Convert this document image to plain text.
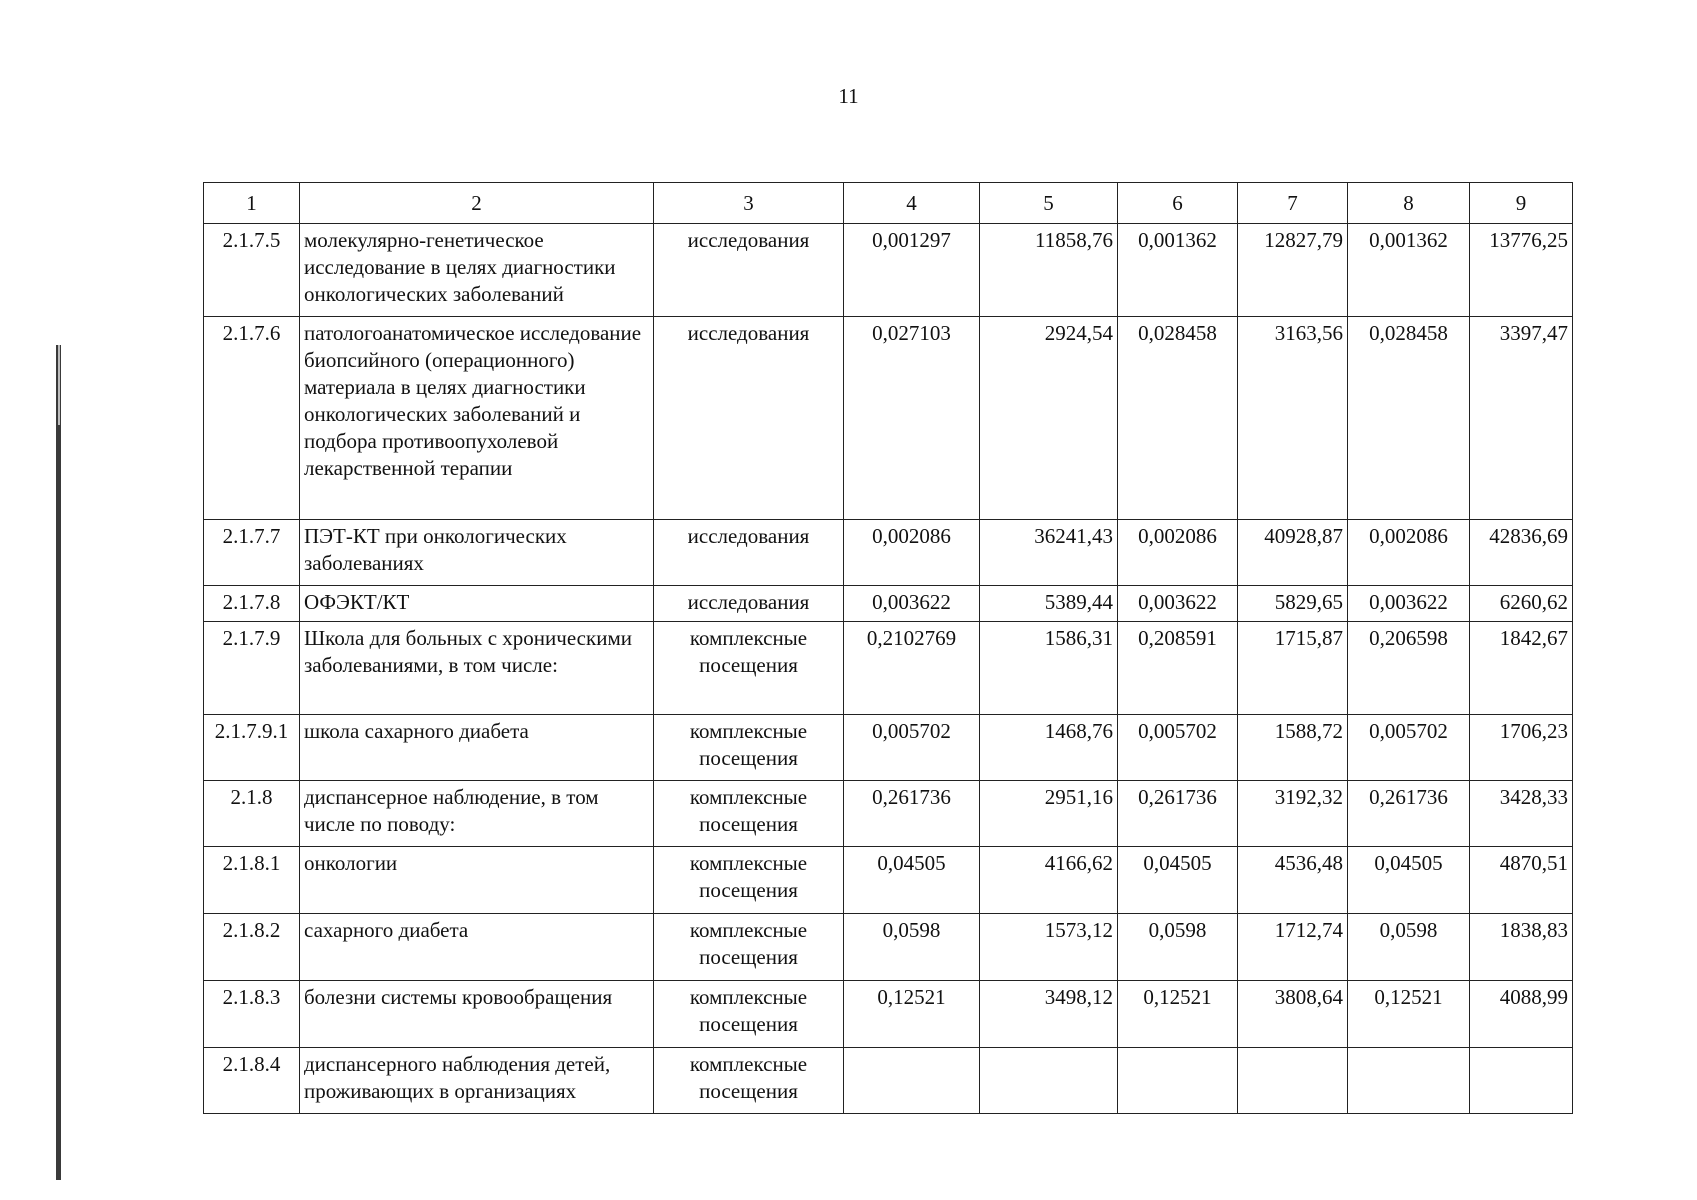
11
1	2	3	4	5	6	7	8	9
2.1.7.5	молекулярно-генетическое исследование в целях диагностики онкологических заболеваний	исследования	0,001297	11858,76	0,001362	12827,79	0,001362	13776,25
2.1.7.6	патологоанатомическое исследование биопсийного (операционного) материала в целях диагностики онкологических заболеваний и подбора противоопухолевой лекарственной терапии	исследования	0,027103	2924,54	0,028458	3163,56	0,028458	3397,47
2.1.7.7	ПЭТ-КТ при онкологических заболеваниях	исследования	0,002086	36241,43	0,002086	40928,87	0,002086	42836,69
2.1.7.8	ОФЭКТ/КТ	исследования	0,003622	5389,44	0,003622	5829,65	0,003622	6260,62
2.1.7.9	Школа для больных с хроническими заболеваниями, в том числе:	комплексные посещения	0,2102769	1586,31	0,208591	1715,87	0,206598	1842,67
2.1.7.9.1	школа сахарного диабета	комплексные посещения	0,005702	1468,76	0,005702	1588,72	0,005702	1706,23
2.1.8	диспансерное наблюдение, в том числе по поводу:	комплексные посещения	0,261736	2951,16	0,261736	3192,32	0,261736	3428,33
2.1.8.1	онкологии	комплексные посещения	0,04505	4166,62	0,04505	4536,48	0,04505	4870,51
2.1.8.2	сахарного диабета	комплексные посещения	0,0598	1573,12	0,0598	1712,74	0,0598	1838,83
2.1.8.3	болезни системы кровообращения	комплексные посещения	0,12521	3498,12	0,12521	3808,64	0,12521	4088,99
2.1.8.4	диспансерного наблюдения детей, проживающих в организациях	комплексные посещения						
